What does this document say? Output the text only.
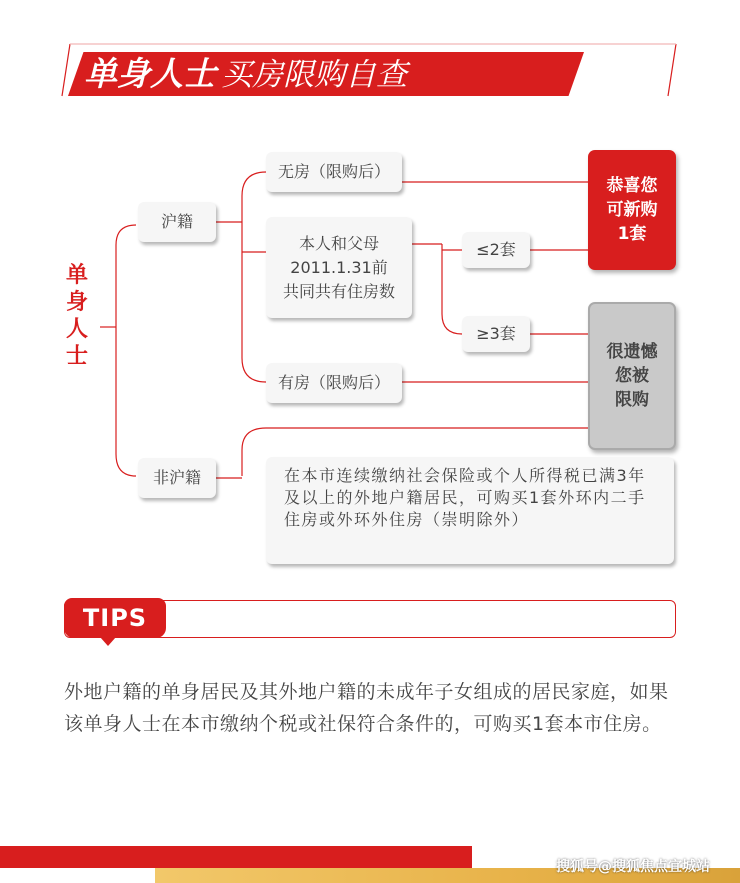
单身人士 买房限购自查
单
身
人
士
沪籍
非沪籍
无房（限购后）
本人和父母
2011.1.31前
共同共有住房数
≤2套
≥3套
有房（限购后）
恭喜您
可新购
1套
很遗憾
您被
限购
在本市连续缴纳社会保险或个人所得税已满3年及以上的外地户籍居民，可购买1套外环内二手住房或外环外住房（崇明除外）
TIPS
外地户籍的单身居民及其外地户籍的未成年子女组成的居民家庭，如果该单身人士在本市缴纳个税或社保符合条件的，可购买1套本市住房。
搜狐号@搜狐焦点宜城站
